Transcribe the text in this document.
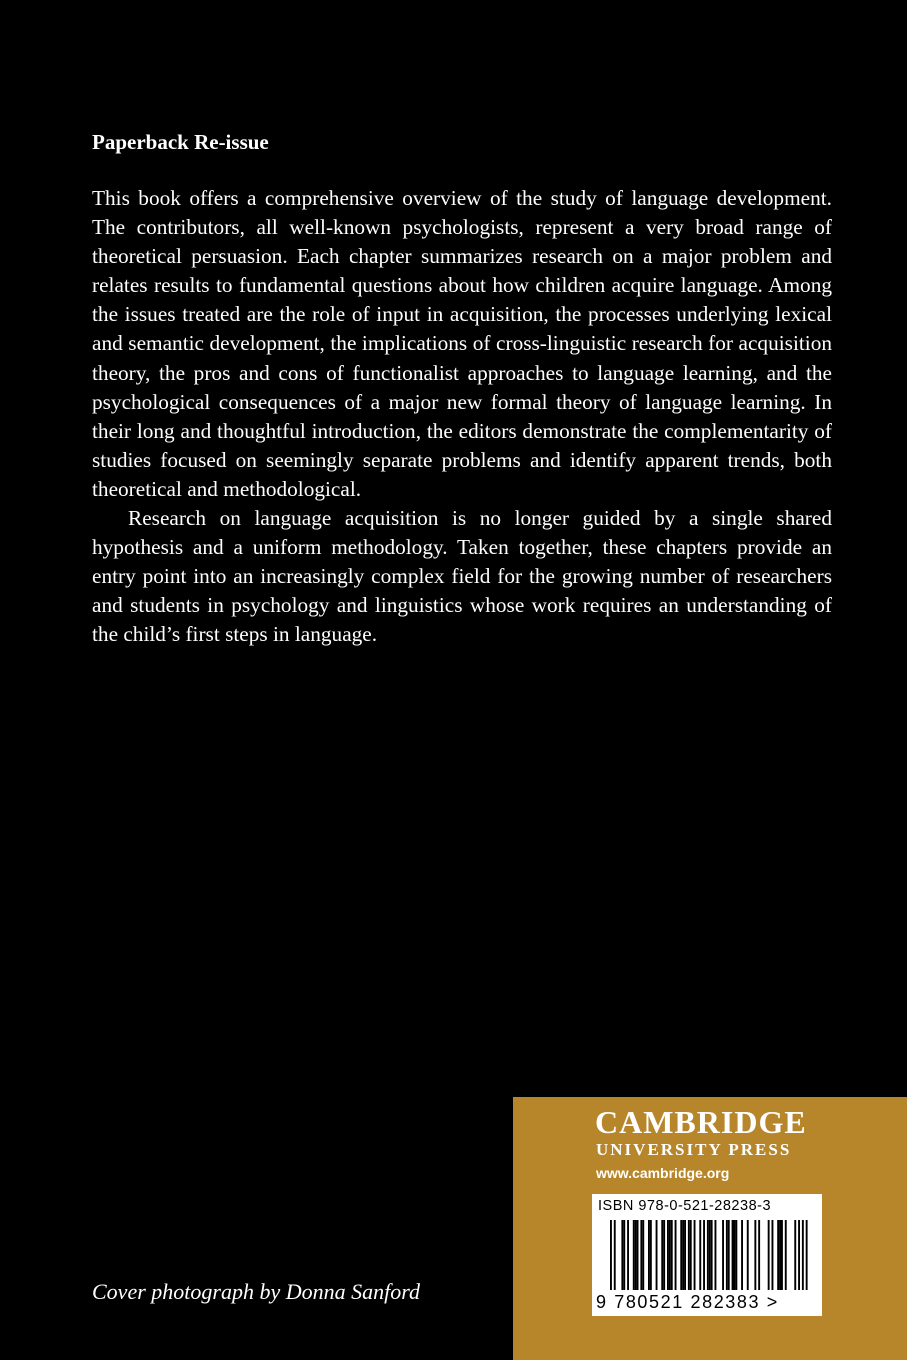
Paperback Re-issue

This book offers a comprehensive overview of the study of language development. The contributors, all well-known psychologists, represent a very broad range of theoretical persuasion. Each chapter summarizes research on a major problem and relates results to fundamental questions about how children acquire language. Among the issues treated are the role of input in acquisition, the processes underlying lexical and semantic development, the implications of cross-linguistic research for acquisition theory, the pros and cons of functionalist approaches to language learning, and the psychological consequences of a major new formal theory of language learning. In their long and thoughtful introduction, the editors demonstrate the complementarity of studies focused on seemingly separate problems and identify apparent trends, both theoretical and methodological.

Research on language acquisition is no longer guided by a single shared hypothesis and a uniform methodology. Taken together, these chapters provide an entry point into an increasingly complex field for the growing number of researchers and students in psychology and linguistics whose work requires an understanding of the child’s first steps in language.

Cover photograph by Donna Sanford

CAMBRIDGE

UNIVERSITY PRESS

www.cambridge.org

ISBN 978-0-521-28238-3

9 780521 282383 >
